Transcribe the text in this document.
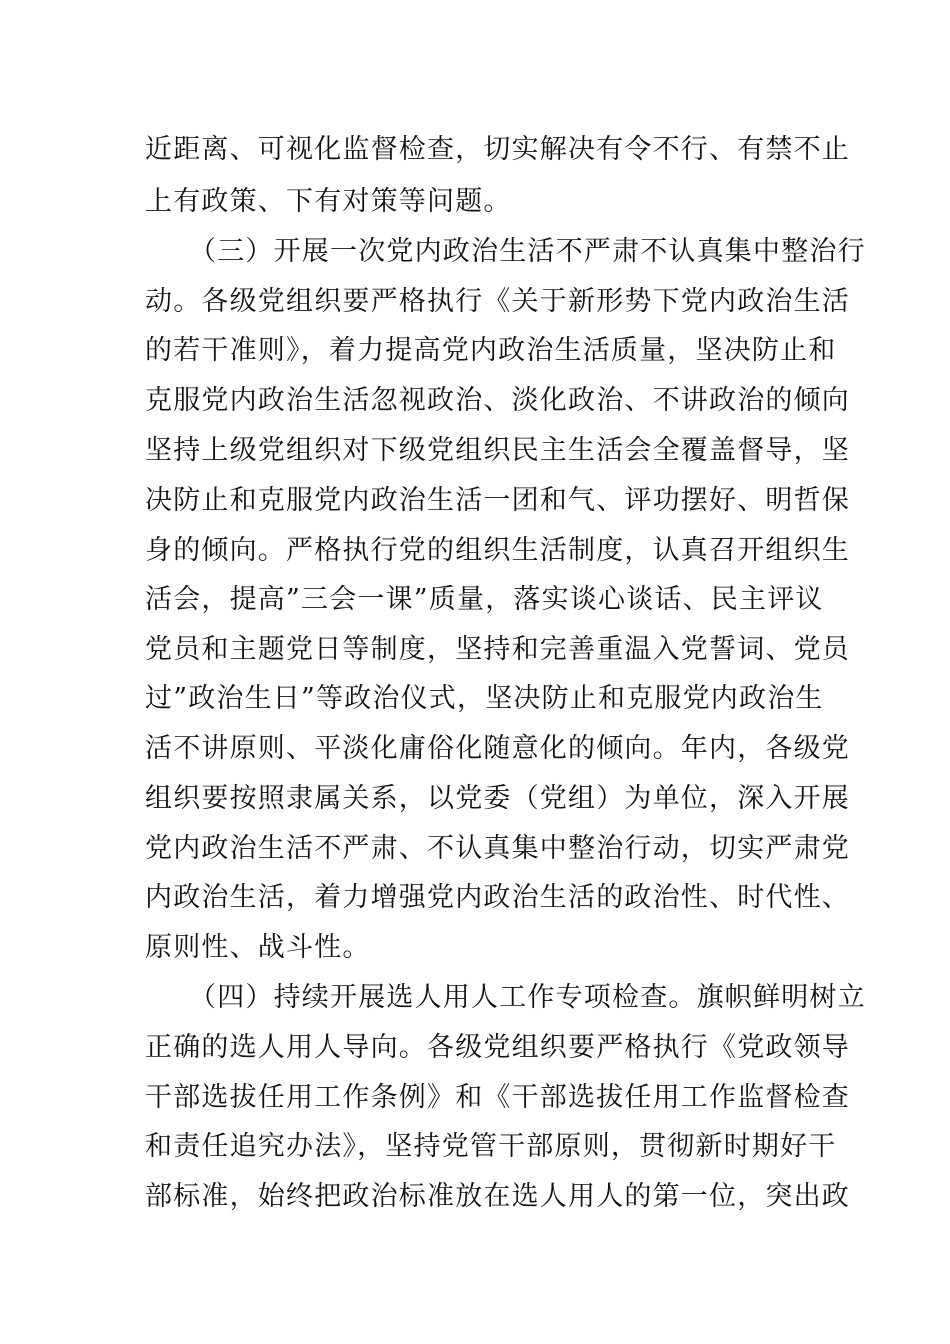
近距离、可视化监督检查，切实解决有令不行、有禁不止
上有政策、下有对策等问题。
（三）开展一次党内政治生活不严肃不认真集中整治行
动。各级党组织要严格执行《关于新形势下党内政治生活
的若干准则》，着力提高党内政治生活质量，坚决防止和
克服党内政治生活忽视政治、淡化政治、不讲政治的倾向
坚持上级党组织对下级党组织民主生活会全覆盖督导，坚
决防止和克服党内政治生活一团和气、评功摆好、明哲保
身的倾向。严格执行党的组织生活制度，认真召开组织生
活会，提高”三会一课”质量，落实谈心谈话、民主评议
党员和主题党日等制度，坚持和完善重温入党誓词、党员
过”政治生日”等政治仪式，坚决防止和克服党内政治生
活不讲原则、平淡化庸俗化随意化的倾向。年内，各级党
组织要按照隶属关系，以党委（党组）为单位，深入开展
党内政治生活不严肃、不认真集中整治行动，切实严肃党
内政治生活，着力增强党内政治生活的政治性、时代性、
原则性、战斗性。
（四）持续开展选人用人工作专项检查。旗帜鲜明树立
正确的选人用人导向。各级党组织要严格执行《党政领导
干部选拔任用工作条例》和《干部选拔任用工作监督检查
和责任追究办法》，坚持党管干部原则，贯彻新时期好干
部标准，始终把政治标准放在选人用人的第一位，突出政
